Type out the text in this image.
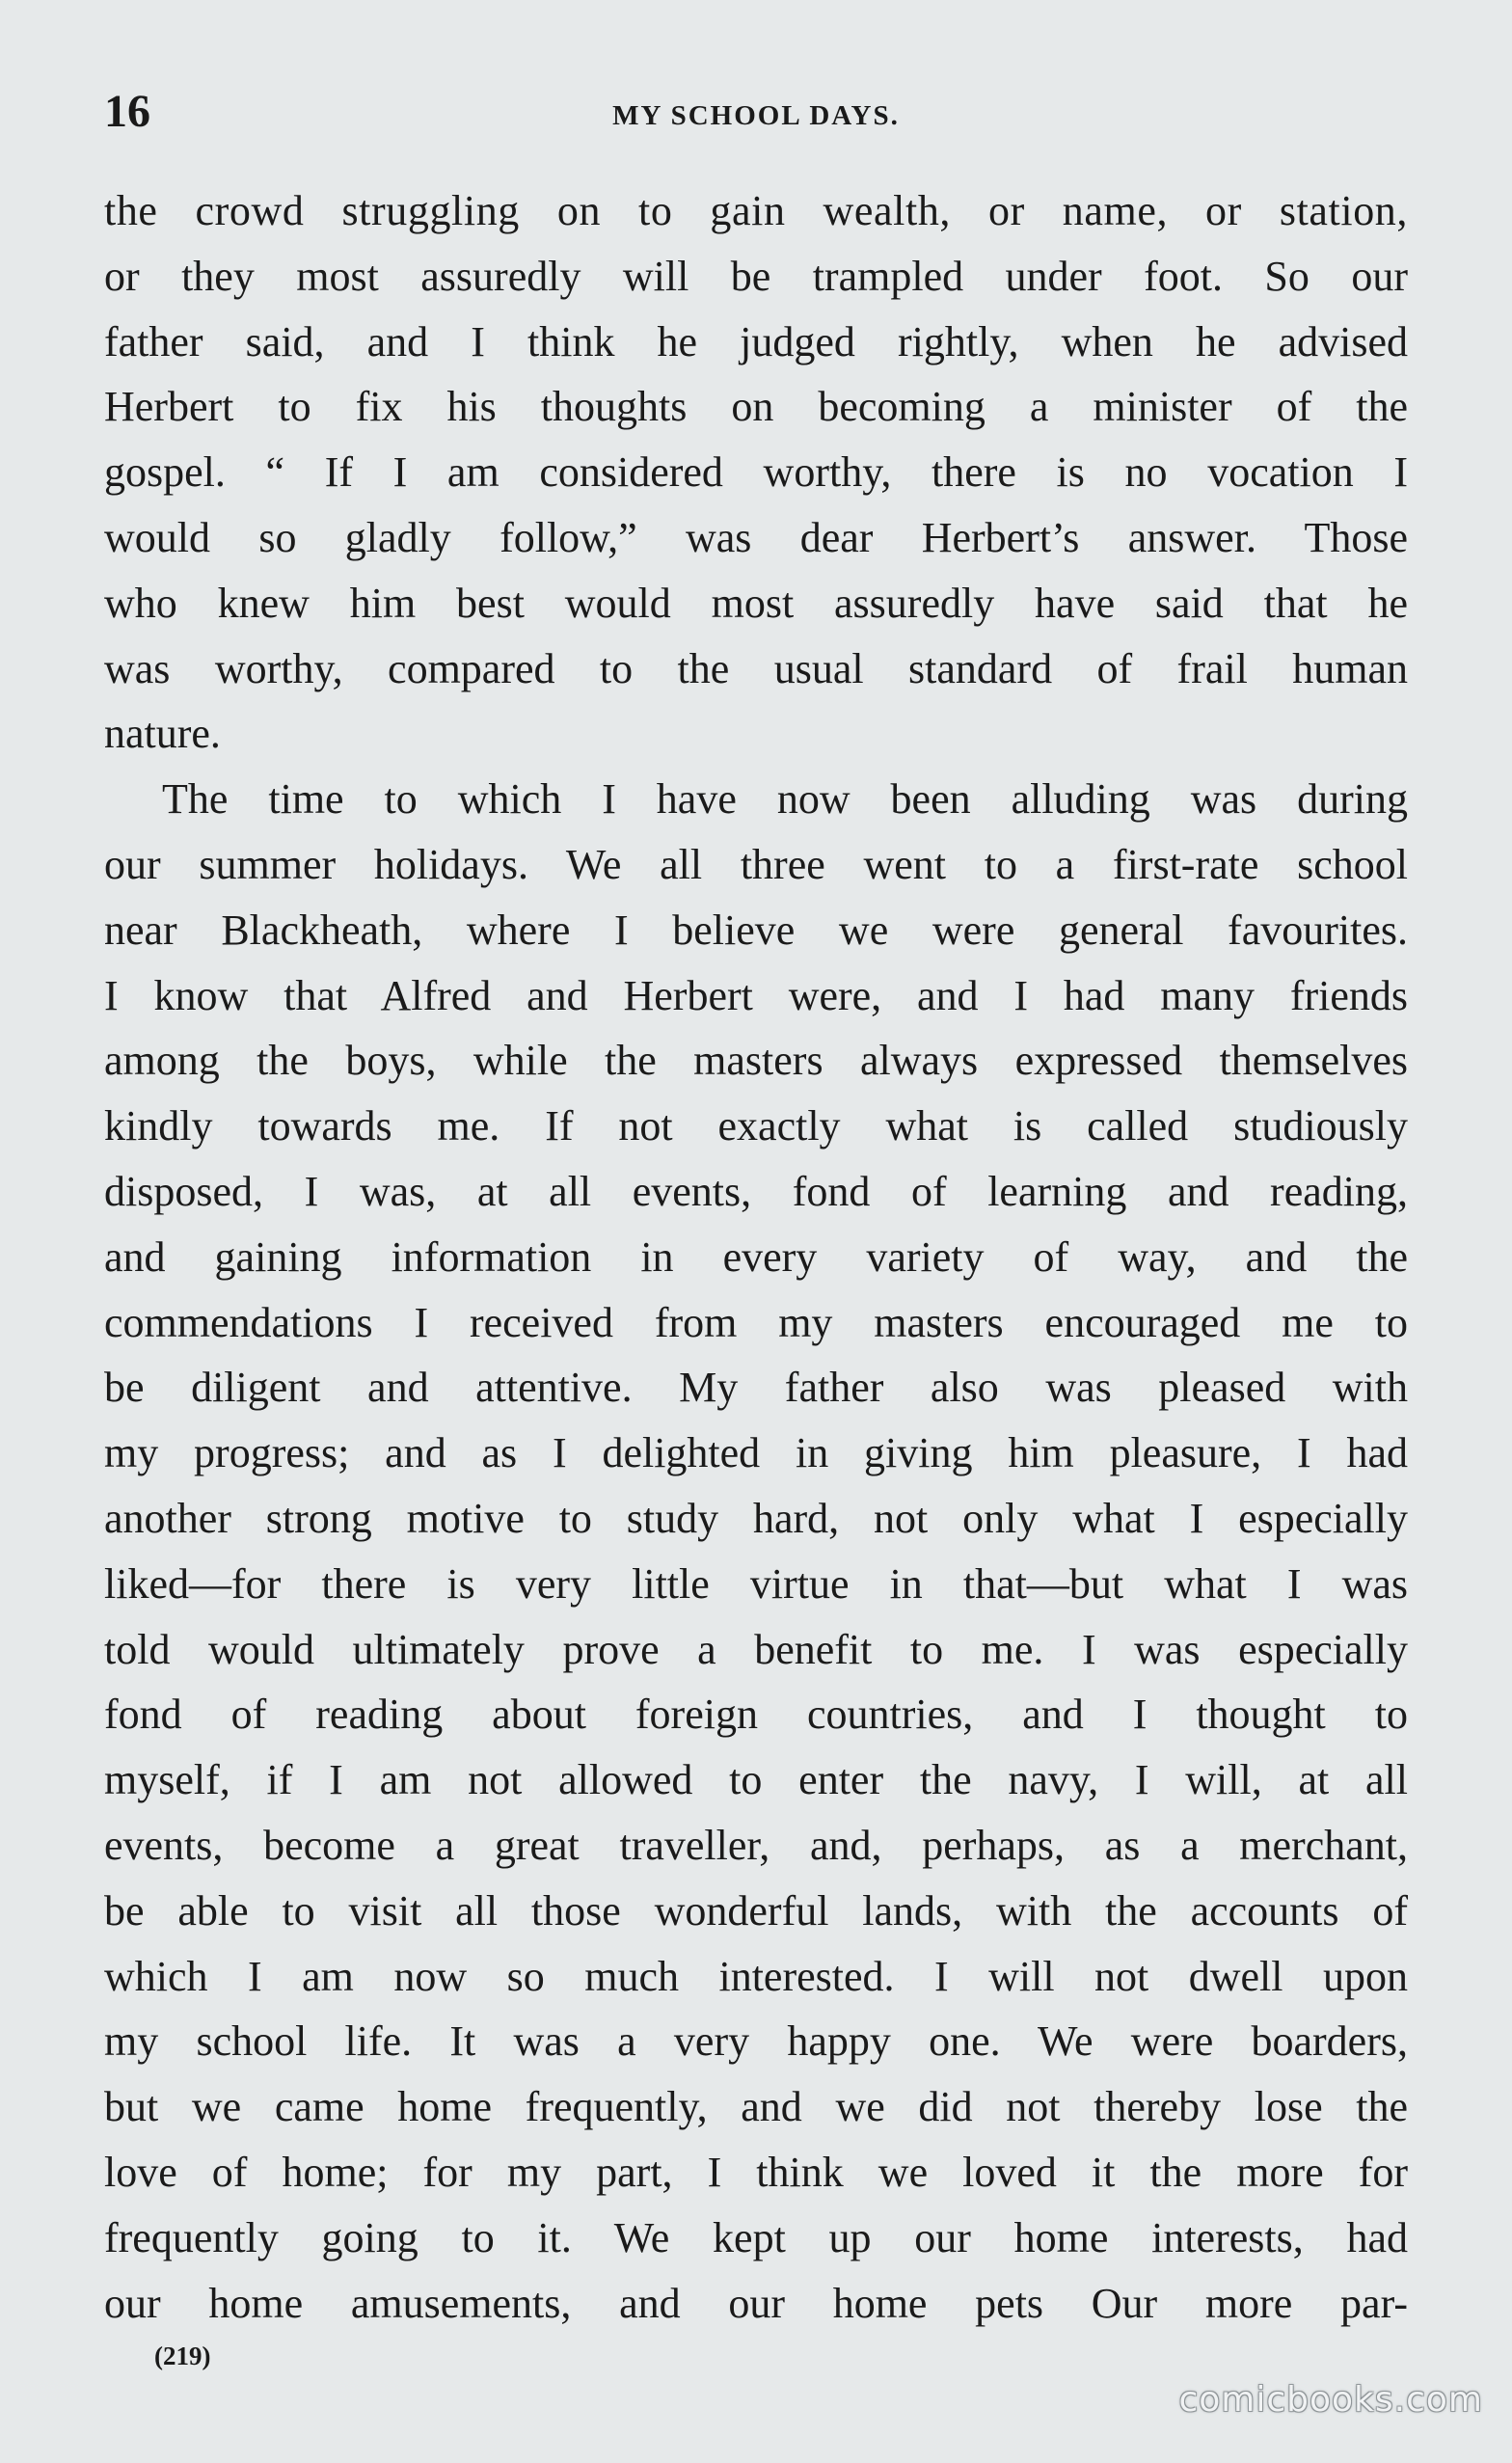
16	MY SCHOOL DAYS.
the crowd struggling on to gain wealth, or name, or station,
or they most assuredly will be trampled under foot. So our
father said, and I think he judged rightly, when he advised
Herbert to fix his thoughts on becoming a minister of the
gospel. “ If I am considered worthy, there is no vocation I
would so gladly follow,” was dear Herbert’s answer. Those
who knew him best would most assuredly have said that he
was worthy, compared to the usual standard of frail human
nature.
The time to which I have now been alluding was during
our summer holidays. We all three went to a first-rate school
near Blackheath, where I believe we were general favourites.
I know that Alfred and Herbert were, and I had many friends
among the boys, while the masters always expressed themselves
kindly towards me. If not exactly what is called studiously
disposed, I was, at all events, fond of learning and reading,
and gaining information in every variety of way, and the
commendations I received from my masters encouraged me to
be diligent and attentive. My father also was pleased with
my progress; and as I delighted in giving him pleasure, I had
another strong motive to study hard, not only what I especially
liked—for there is very little virtue in that—but what I was
told would ultimately prove a benefit to me. I was especially
fond of reading about foreign countries, and I thought to
myself, if I am not allowed to enter the navy, I will, at all
events, become a great traveller, and, perhaps, as a merchant,
be able to visit all those wonderful lands, with the accounts of
which I am now so much interested. I will not dwell upon
my school life. It was a very happy one. We were boarders,
but we came home frequently, and we did not thereby lose the
love of home; for my part, I think we loved it the more for
frequently going to it. We kept up our home interests, had
our home amusements, and our home pets Our more par-
(219)
comicbooks.com
